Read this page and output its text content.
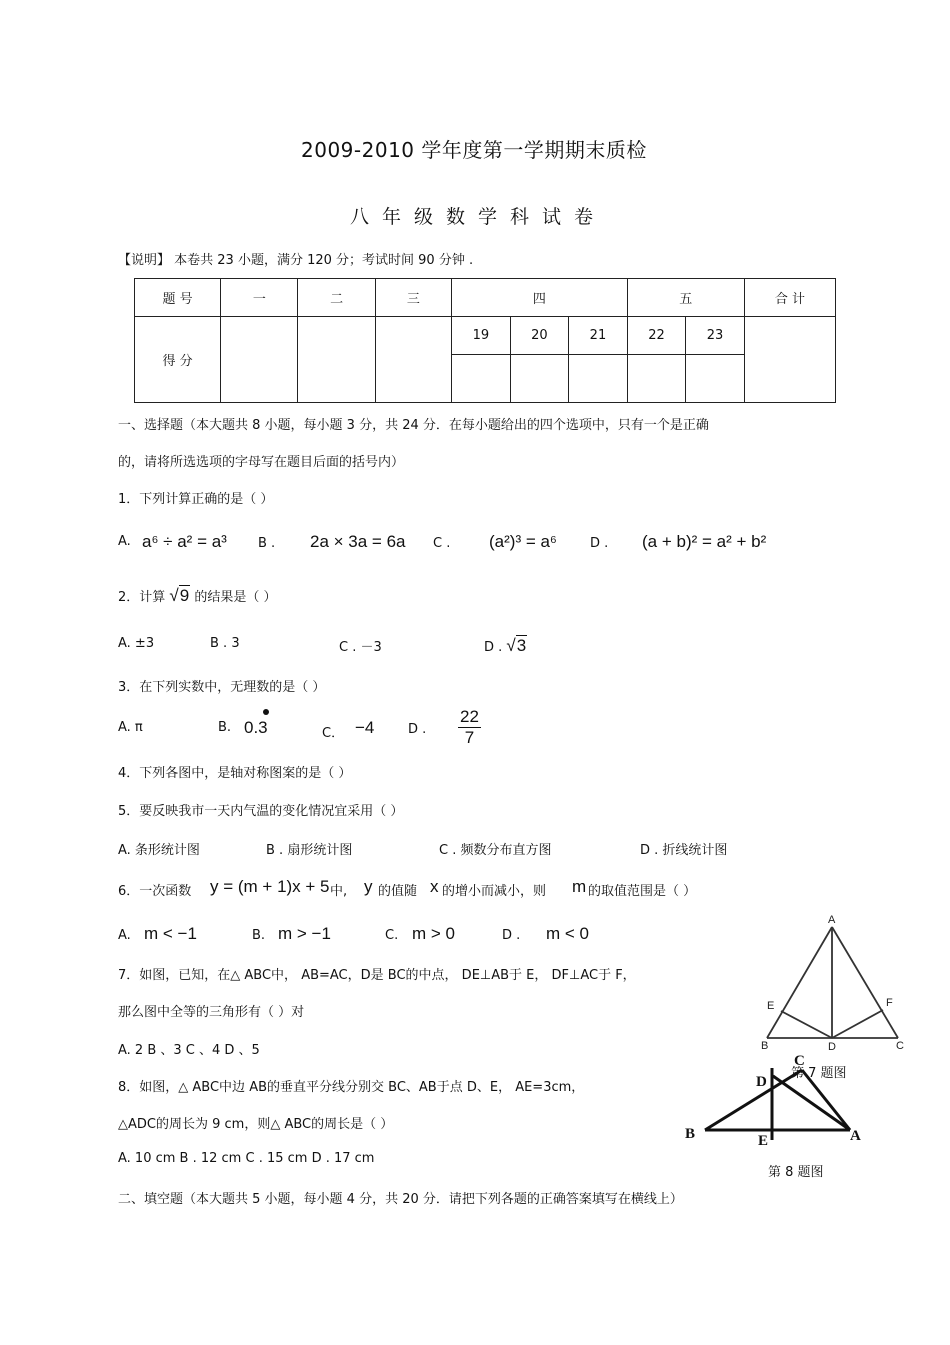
2009-2010 学年度第一学期期末质检
八年级数学科试卷
【说明】 本卷共 23 小题，满分 120 分；考试时间 90 分钟 .
题 号	一	二	三	四			五		合 计
得 分				19	20	21	22	23	

一、选择题（本大题共 8 小题，每小题 3 分，共 24 分．在每小题给出的四个选项中，只有一个是正确
的，请将所选选项的字母写在题目后面的括号内）
1．下列计算正确的是（ ）
A. a⁶ ÷ a² = a³ B . 2a × 3a = 6a C . (a²)³ = a⁶	D . (a + b)² = a² + b²
2．计算 √9 的结果是（ ）
A. ±3	B . 3	C . －3	D . √3
3．在下列实数中，无理数的是（ ）
A. π	B. 0.3	C． −4	D . $\frac{22}{7}$
4．下列各图中，是轴对称图案的是（ ）
5．要反映我市一天内气温的变化情况宜采用（ ）
A. 条形统计图	B . 扇形统计图	C . 频数分布直方图	D . 折线统计图
6．一次函数 y = (m + 1)x + 5 中, y 的值随 x 的增小而减小，则 m 的取值范围是（ ）
A. m < −1	B. m > −1	C. m > 0	D . m < 0
7．如图，已知，在△ ABC中， AB=AC，D是 BC的中点， DE⊥AB于 E， DF⊥AC于 F，
那么图中全等的三角形有（ ）对
A. 2 B 、3 C 、4 D 、5
A
B	C
D
E	F
B	A
C
D
E
第 7 题图
8．如图，△ ABC中边 AB的垂直平分线分别交 BC、AB于点 D、E， AE=3cm，
△ADC的周长为 9 cm，则△ ABC的周长是（ ）
A. 10 cm B . 12 cm C . 15 cm D . 17 cm
第 8 题图
二、填空题（本大题共 5 小题，每小题 4 分，共 20 分．请把下列各题的正确答案填写在横线上）
